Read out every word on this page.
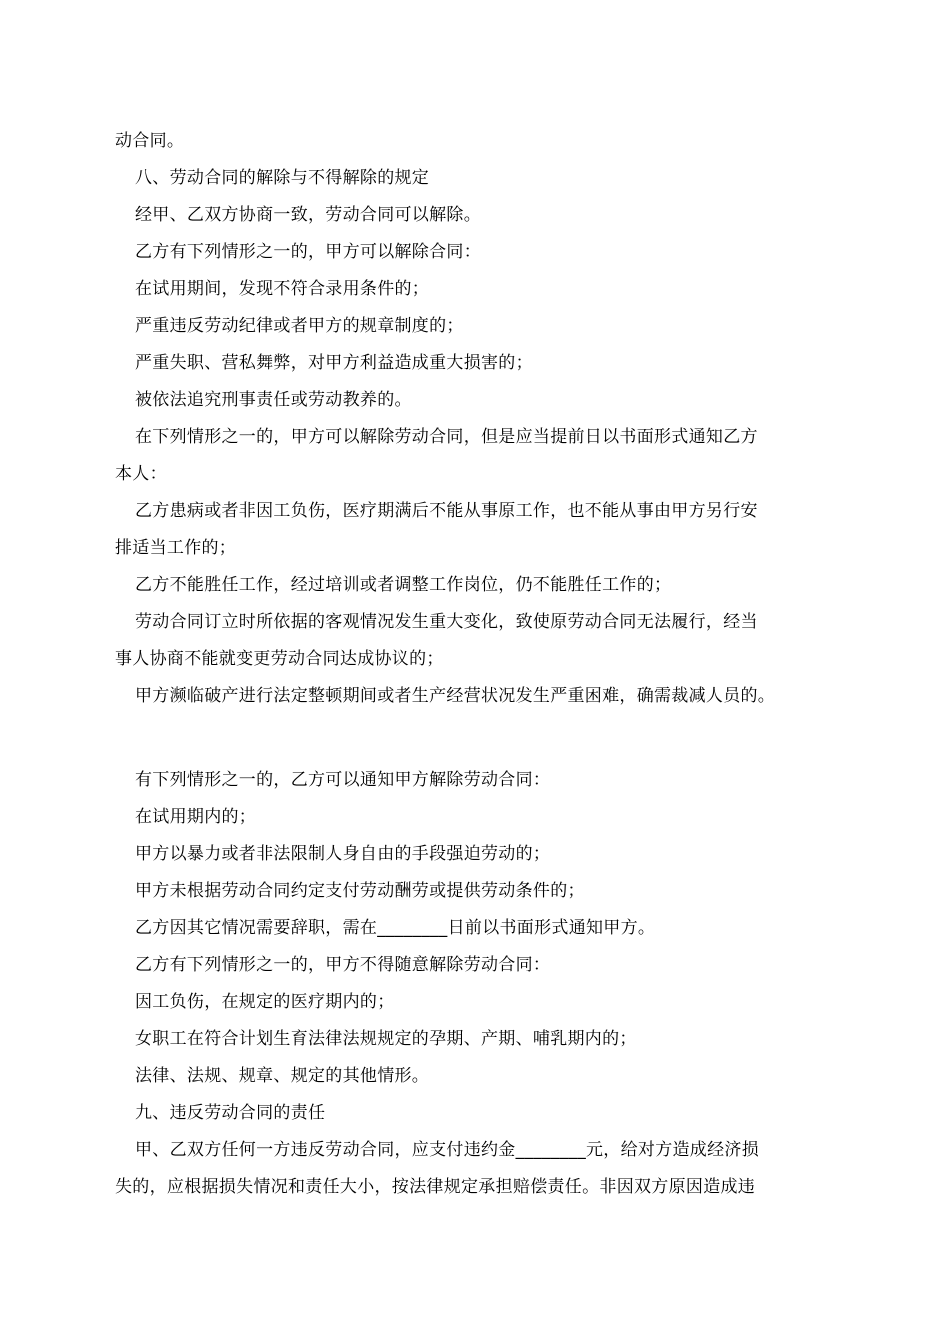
动合同。
八、劳动合同的解除与不得解除的规定
经甲、乙双方协商一致，劳动合同可以解除。
乙方有下列情形之一的，甲方可以解除合同：
在试用期间，发现不符合录用条件的；
严重违反劳动纪律或者甲方的规章制度的；
严重失职、营私舞弊，对甲方利益造成重大损害的；
被依法追究刑事责任或劳动教养的。
在下列情形之一的，甲方可以解除劳动合同，但是应当提前日以书面形式通知乙方
本人：
乙方患病或者非因工负伤，医疗期满后不能从事原工作，也不能从事由甲方另行安
排适当工作的；
乙方不能胜任工作，经过培训或者调整工作岗位，仍不能胜任工作的；
劳动合同订立时所依据的客观情况发生重大变化，致使原劳动合同无法履行，经当
事人协商不能就变更劳动合同达成协议的；
甲方濒临破产进行法定整顿期间或者生产经营状况发生严重困难，确需裁减人员的。
有下列情形之一的，乙方可以通知甲方解除劳动合同：
在试用期内的；
甲方以暴力或者非法限制人身自由的手段强迫劳动的；
甲方未根据劳动合同约定支付劳动酬劳或提供劳动条件的；
乙方因其它情况需要辞职，需在________日前以书面形式通知甲方。
乙方有下列情形之一的，甲方不得随意解除劳动合同：
因工负伤，在规定的医疗期内的；
女职工在符合计划生育法律法规规定的孕期、产期、哺乳期内的；
法律、法规、规章、规定的其他情形。
九、违反劳动合同的责任
甲、乙双方任何一方违反劳动合同，应支付违约金________元，给对方造成经济损
失的，应根据损失情况和责任大小，按法律规定承担赔偿责任。非因双方原因造成违
